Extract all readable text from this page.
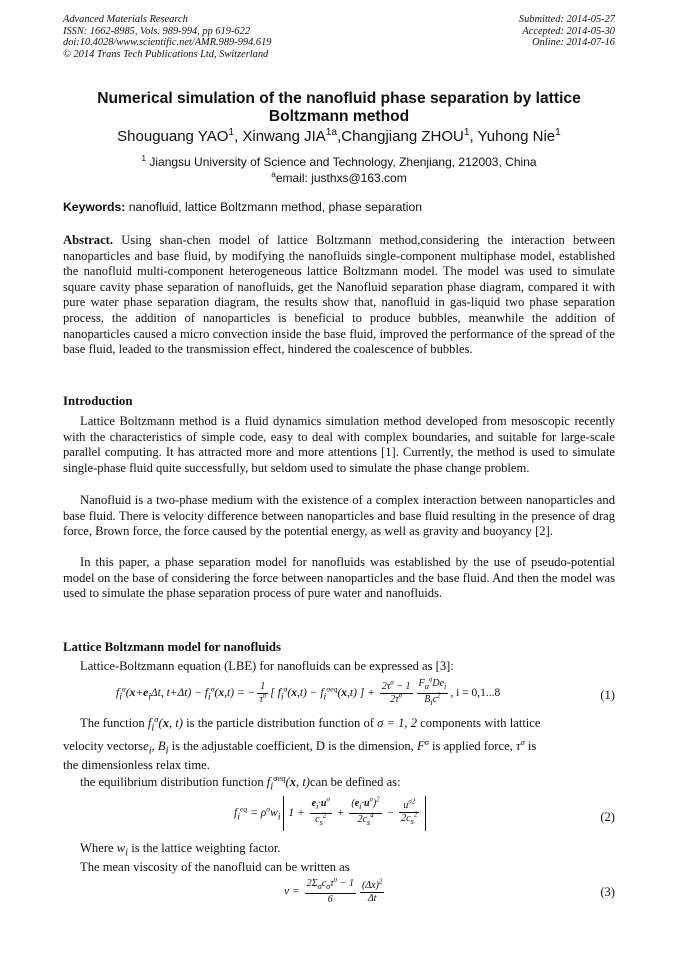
Advanced Materials Research
ISSN: 1662-8985, Vols. 989-994, pp 619-622
doi:10.4028/www.scientific.net/AMR.989-994.619
© 2014 Trans Tech Publications Ltd, Switzerland
Submitted: 2014-05-27
Accepted: 2014-05-30
Online: 2014-07-16
Numerical simulation of the nanofluid phase separation by lattice
Boltzmann method
Shouguang YAO$^1$, Xinwang $JIA^{1a},Changjiang$ ZHOU$^1$, Yuhong Nie$^1$
$^1$ Jiangsu University of Science and Technology, Zhenjiang, 212003, China
$^a$email: justhxs@163.com
Keywords: nanofluid, lattice Boltzmann method, phase separation
Abstract. Using shan-chen model of lattice Boltzmann method,considering the interaction between nanoparticles and base fluid, by modifying the nanofluids single-component multiphase model, established the nanofluid multi-component heterogeneous lattice Boltzmann model. The model was used to simulate square cavity phase separation of nanofluids, get the Nanofluid separation phase diagram, compared it with pure water phase separation diagram, the results show that, nanofluid in gas-liquid two phase separation process, the addition of nanoparticles is beneficial to produce bubbles, meanwhile the addition of nanoparticles caused a micro convection inside the base fluid, improved the performance of the spread of the base fluid, leaded to the transmission effect, hindered the coalescence of bubbles.
Introduction
Lattice Boltzmann method is a fluid dynamics simulation method developed from mesoscopic recently with the characteristics of simple code, easy to deal with complex boundaries, and suitable for large-scale parallel computing. It has attracted more and more attentions [1]. Currently, the method is used to simulate single-phase fluid quite successfully, but seldom used to simulate the phase change problem.
Nanofluid is a two-phase medium with the existence of a complex interaction between nanoparticles and base fluid. There is velocity difference between nanoparticles and base fluid resulting in the presence of drag force, Brown force, the force caused by the potential energy, as well as gravity and buoyancy [2].
In this paper, a phase separation model for nanofluids was established by the use of pseudo-potential model on the base of considering the force between nanoparticles and the base fluid. And then the model was used to simulate the phase separation process of pure water and nanofluids.
Lattice Boltzmann model for nanofluids
Lattice-Boltzmann equation (LBE) for nanofluids can be expressed as [3]:
$f_i^\sigma(x+e_i\Delta t$, $t+\Delta t) - f_i^\sigma(x,t)$ = − $\frac{1}{\tau^\sigma}$ [ $f_i^\sigma(x,t) - f_i^{\sigma eq}(x,t)$ ] + $\frac{2\tau^\sigma - 1}{2\tau^\sigma} \frac{F_\alpha^\sigma De_i}{B_ic^2}$ , i = 0,1...8	(1)
The function $f_i^\sigma(x$, t) is the particle distribution function of σ = 1, 2 components with lattice
velocity vectorse$_i$, $B_i$ is the adjustable coefficient, D is the dimension, $F^\sigma$ is applied force, $\tau^\sigma$ is
the dimensionless relax time.
the equilibrium distribution function $f_i^{\sigma eq}(x$, t)can be defined as:
$f_i^{eq} = \rho^\sigma w_i$ $1 + \frac{e_i\cdot u^\sigma}{c_s^2} + \frac{(e_i\cdot u^\sigma)^2}{2c_s^4} - \frac{u^{\sigma 2}}{2c_s^2}$	(2)
Where $w_i$ is the lattice weighting factor.
The mean viscosity of the nanofluid can be written as
$\nu = \frac{2\Sigma_\sigma c_\sigma\tau^\sigma - 1}{6} \frac{(\Delta x)^2}{\Delta t}$	(3)
